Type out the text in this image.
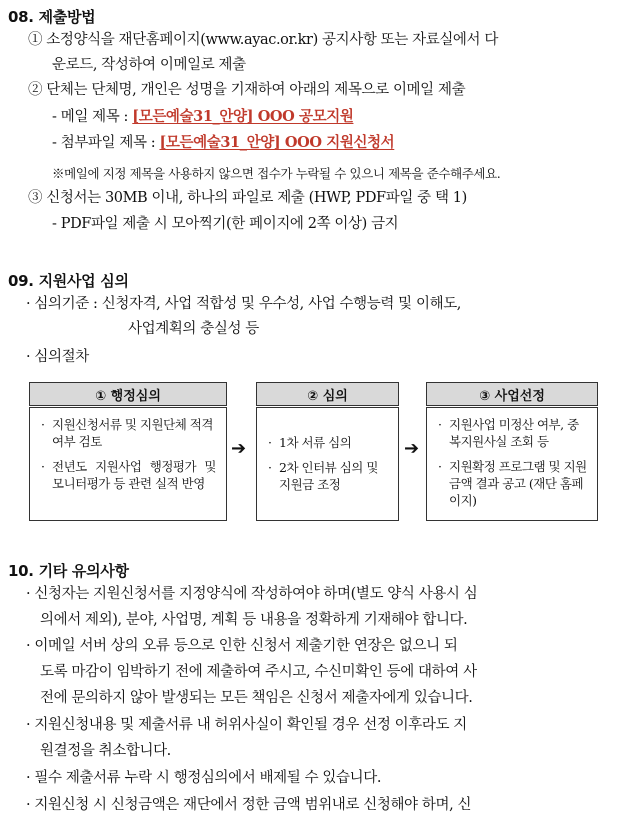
08. 제출방법
① 소정양식을 재단홈페이지(www.ayac.or.kr) 공지사항 또는 자료실에서 다
운로드, 작성하여 이메일로 제출
② 단체는 단체명, 개인은 성명을 기재하여 아래의 제목으로 이메일 제출
- 메일 제목 : [모든예술31_안양] OOO 공모지원
- 첨부파일 제목 : [모든예술31_안양] OOO 지원신청서
※메일에 지정 제목을 사용하지 않으면 접수가 누락될 수 있으니 제목을 준수해주세요.
③ 신청서는 30MB 이내, 하나의 파일로 제출 (HWP, PDF파일 중 택 1)
- PDF파일 제출 시 모아찍기(한 페이지에 2쪽 이상) 금지
09. 지원사업 심의
· 심의기준 : 신청자격, 사업 적합성 및 우수성, 사업 수행능력 및 이해도,
사업계획의 충실성 등
· 심의절차
① 행정심의
· 지원신청서류 및 지원단체 적격여부 검토
· 전년도 지원사업 행정평가 및 모니터평가 등 관련 실적 반영
➔
② 심의
· 1차 서류 심의
· 2차 인터뷰 심의 및 지원금 조정
➔
③ 사업선정
· 지원사업 미정산 여부, 중복지원사실 조회 등
· 지원확정 프로그램 및 지원금액 결과 공고 (재단 홈페이지)
10. 기타 유의사항
· 신청자는 지원신청서를 지정양식에 작성하여야 하며(별도 양식 사용시 심
의에서 제외), 분야, 사업명, 계획 등 내용을 정확하게 기재해야 합니다.
· 이메일 서버 상의 오류 등으로 인한 신청서 제출기한 연장은 없으니 되
도록 마감이 임박하기 전에 제출하여 주시고, 수신미확인 등에 대하여 사
전에 문의하지 않아 발생되는 모든 책임은 신청서 제출자에게 있습니다.
· 지원신청내용 및 제출서류 내 허위사실이 확인될 경우 선정 이후라도 지
원결정을 취소합니다.
· 필수 제출서류 누락 시 행정심의에서 배제될 수 있습니다.
· 지원신청 시 신청금액은 재단에서 정한 금액 범위내로 신청해야 하며, 신
